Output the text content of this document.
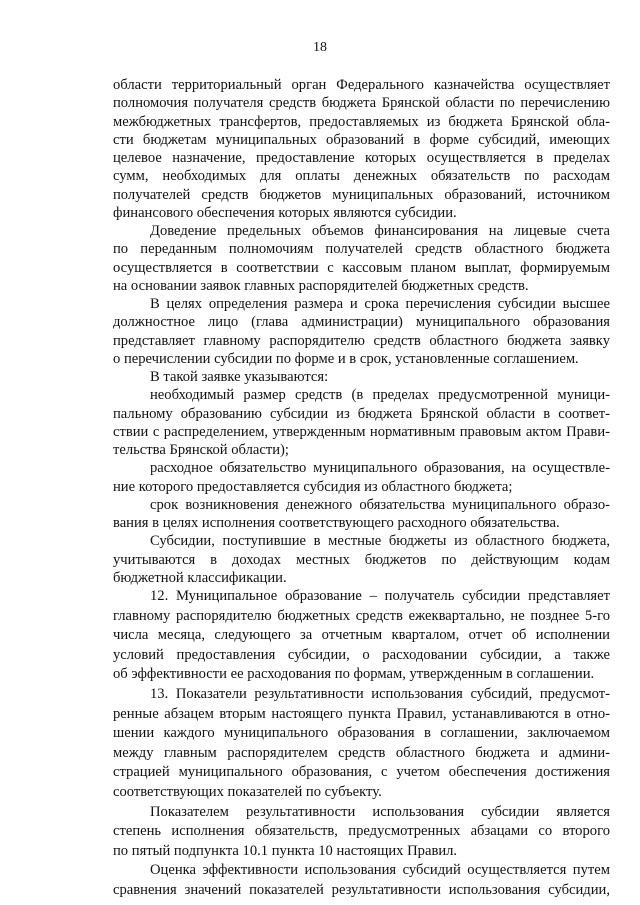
18
области территориальный орган Федерального казначейства осуществляет
полномочия получателя средств бюджета Брянской области по перечислению
межбюджетных трансфертов, предоставляемых из бюджета Брянской обла-
сти бюджетам муниципальных образований в форме субсидий, имеющих
целевое назначение, предоставление которых осуществляется в пределах
сумм, необходимых для оплаты денежных обязательств по расходам
получателей средств бюджетов муниципальных образований, источником
финансового обеспечения которых являются субсидии.
Доведение предельных объемов финансирования на лицевые счета
по переданным полномочиям получателей средств областного бюджета
осуществляется в соответствии с кассовым планом выплат, формируемым
на основании заявок главных распорядителей бюджетных средств.
В целях определения размера и срока перечисления субсидии высшее
должностное лицо (глава администрации) муниципального образования
представляет главному распорядителю средств областного бюджета заявку
о перечислении субсидии по форме и в срок, установленные соглашением.
В такой заявке указываются:
необходимый размер средств (в пределах предусмотренной муници-
пальному образованию субсидии из бюджета Брянской области в соответ-
ствии с распределением, утвержденным нормативным правовым актом Прави-
тельства Брянской области);
расходное обязательство муниципального образования, на осуществле-
ние которого предоставляется субсидия из областного бюджета;
срок возникновения денежного обязательства муниципального образо-
вания в целях исполнения соответствующего расходного обязательства.
Субсидии, поступившие в местные бюджеты из областного бюджета,
учитываются в доходах местных бюджетов по действующим кодам
бюджетной классификации.
12. Муниципальное образование – получатель субсидии представляет
главному распорядителю бюджетных средств ежеквартально, не позднее 5-го
числа месяца, следующего за отчетным кварталом, отчет об исполнении
условий предоставления субсидии, о расходовании субсидии, а также
об эффективности ее расходования по формам, утвержденным в соглашении.
13. Показатели результативности использования субсидий, предусмот-
ренные абзацем вторым настоящего пункта Правил, устанавливаются в отно-
шении каждого муниципального образования в соглашении, заключаемом
между главным распорядителем средств областного бюджета и админи-
страцией муниципального образования, с учетом обеспечения достижения
соответствующих показателей по субъекту.
Показателем результативности использования субсидии является
степень исполнения обязательств, предусмотренных абзацами со второго
по пятый подпункта 10.1 пункта 10 настоящих Правил.
Оценка эффективности использования субсидий осуществляется путем
сравнения значений показателей результативности использования субсидии,
